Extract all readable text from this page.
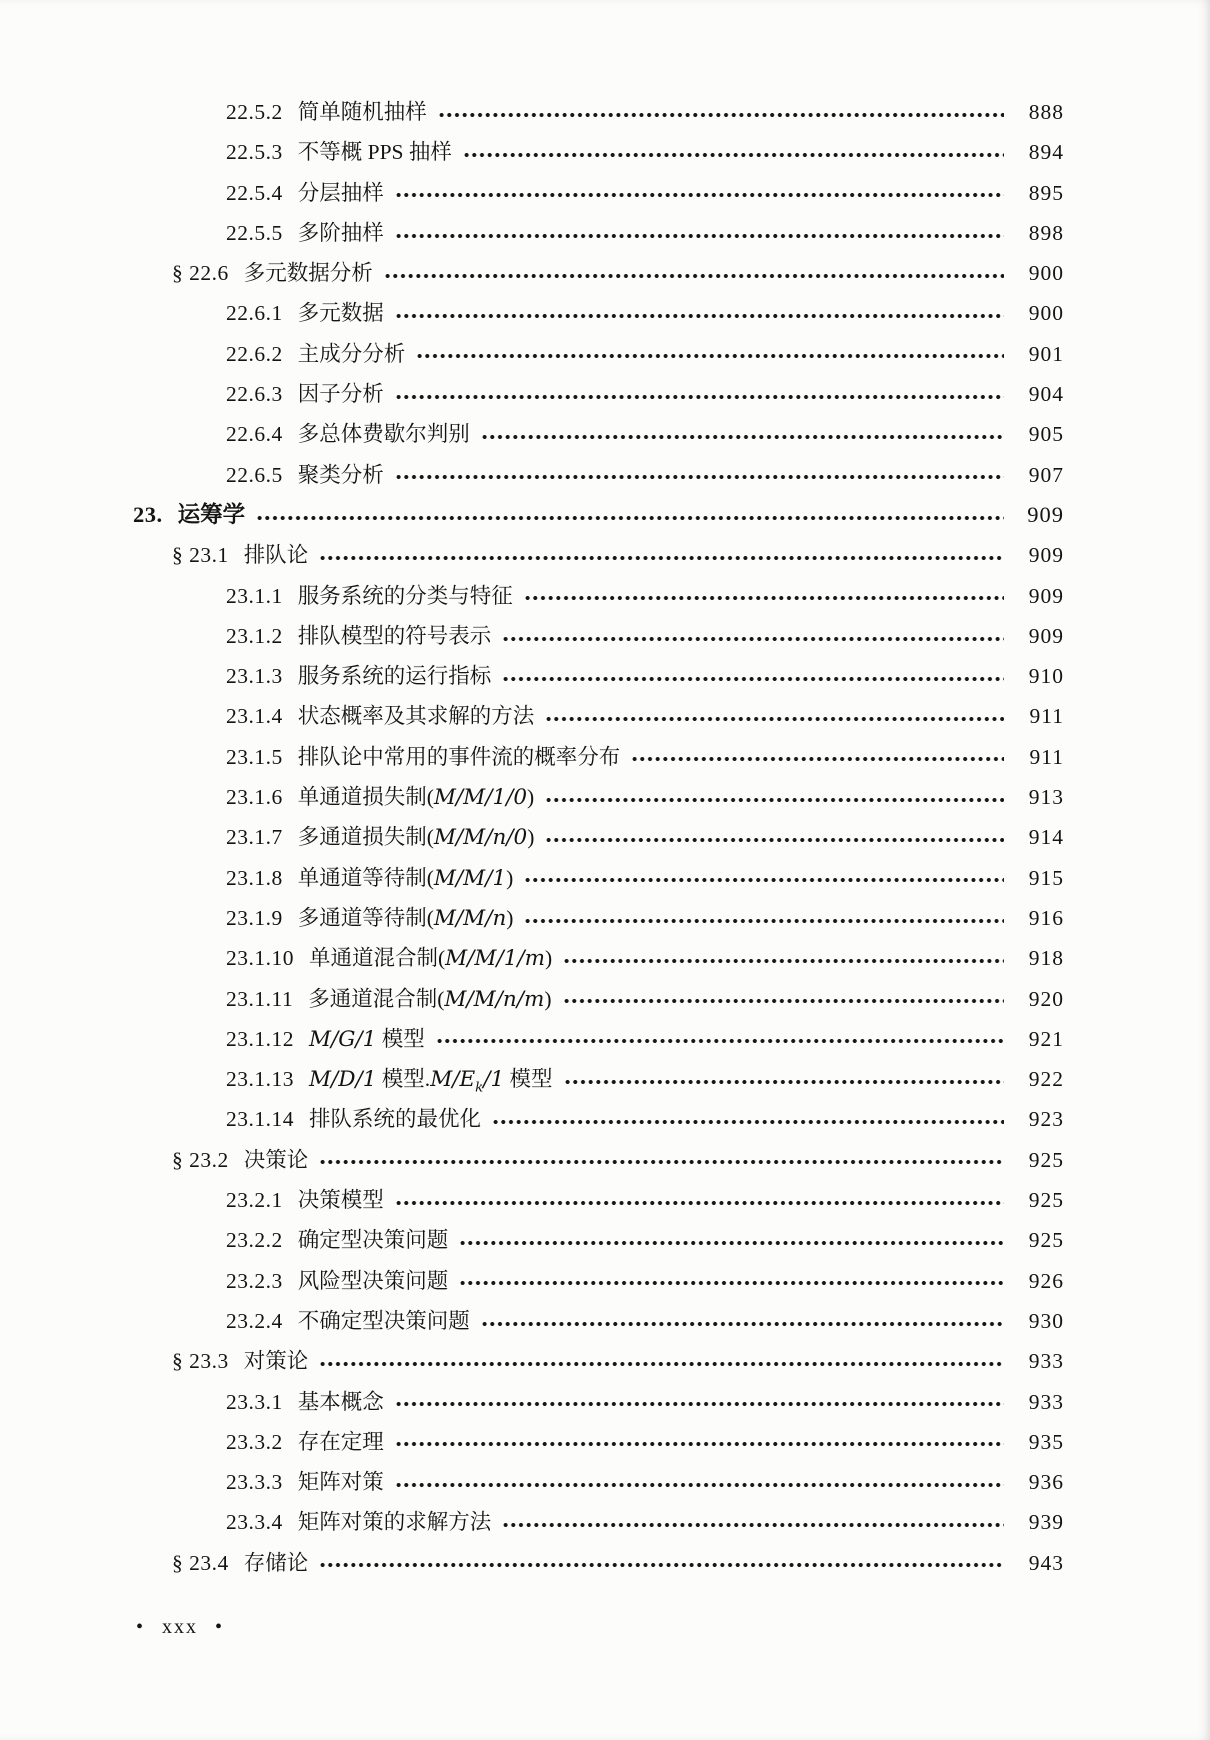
22.5.2 简单随机抽样	888
22.5.3 不等概 PPS 抽样	894
22.5.4 分层抽样	895
22.5.5 多阶抽样	898
§ 22.6 多元数据分析	900
22.6.1 多元数据	900
22.6.2 主成分分析	901
22.6.3 因子分析	904
22.6.4 多总体费歇尔判别	905
22.6.5 聚类分析	907
23. 运筹学	909
§ 23.1 排队论	909
23.1.1 服务系统的分类与特征	909
23.1.2 排队模型的符号表示	909
23.1.3 服务系统的运行指标	910
23.1.4 状态概率及其求解的方法	911
23.1.5 排队论中常用的事件流的概率分布	911
23.1.6 单通道损失制(M/M/1/0)	913
23.1.7 多通道损失制(M/M/n/0)	914
23.1.8 单通道等待制(M/M/1)	915
23.1.9 多通道等待制(M/M/n)	916
23.1.10 单通道混合制(M/M/1/m)	918
23.1.11 多通道混合制(M/M/n/m)	920
23.1.12 M/G/1 模型	921
23.1.13 M/D/1 模型$.M/E_k/1$ 模型	922
23.1.14 排队系统的最优化	923
§ 23.2 决策论	925
23.2.1 决策模型	925
23.2.2 确定型决策问题	925
23.2.3 风险型决策问题	926
23.2.4 不确定型决策问题	930
§ 23.3 对策论	933
23.3.1 基本概念	933
23.3.2 存在定理	935
23.3.3 矩阵对策	936
23.3.4 矩阵对策的求解方法	939
§ 23.4 存储论	943
• xxx •
